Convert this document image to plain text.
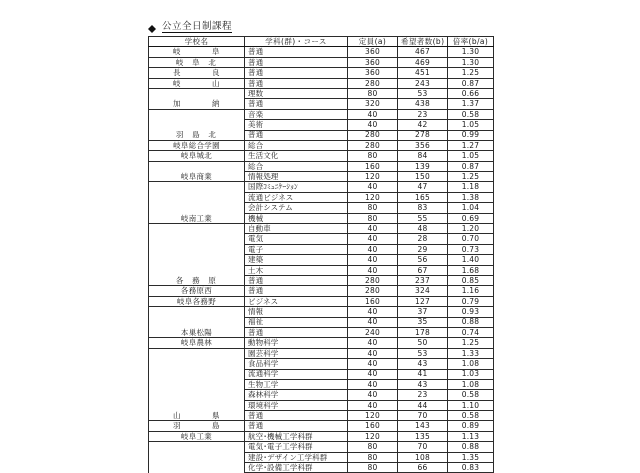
公立全日制課程
学校名	学科(群)・コース	定員(a)	希望者数(b)	倍率(b/a)
岐　　阜	普通	360	467	1.30
岐 阜 北	普通	360	469	1.30
長　　良	普通	360	451	1.25
岐　　山	普通	280	243	0.87
	理数	80	53	0.66
加　　納	普通	320	438	1.37
	音楽	40	23	0.58
	美術	40	42	1.05
羽 島 北	普通	280	278	0.99
岐阜総合学園	総合	280	356	1.27
岐阜城北	生活文化	80	84	1.05
	総合	160	139	0.87
岐阜商業	情報処理	120	150	1.25
	国際ｺﾐｭﾆｹｰｼｮﾝ	40	47	1.18
	流通ビジネス	120	165	1.38
	会計システム	80	83	1.04
岐南工業	機械	80	55	0.69
	自動車	40	48	1.20
	電気	40	28	0.70
	電子	40	29	0.73
	建築	40	56	1.40
	土木	40	67	1.68
各 務 原	普通	280	237	0.85
各務原西	普通	280	324	1.16
岐阜各務野	ビジネス	160	127	0.79
	情報	40	37	0.93
	福祉	40	35	0.88
本巣松陽	普通	240	178	0.74
岐阜農林	動物科学	40	50	1.25
	園芸科学	40	53	1.33
	食品科学	40	43	1.08
	流通科学	40	41	1.03
	生物工学	40	43	1.08
	森林科学	40	23	0.58
	環境科学	40	44	1.10
山　　県	普通	120	70	0.58
羽　　島	普通	160	143	0.89
岐阜工業	航空･機械工学科群	120	135	1.13
	電気･電子工学科群	80	70	0.88
	建設･デザイン工学科群	80	108	1.35
	化学･設備工学科群	80	66	0.83
